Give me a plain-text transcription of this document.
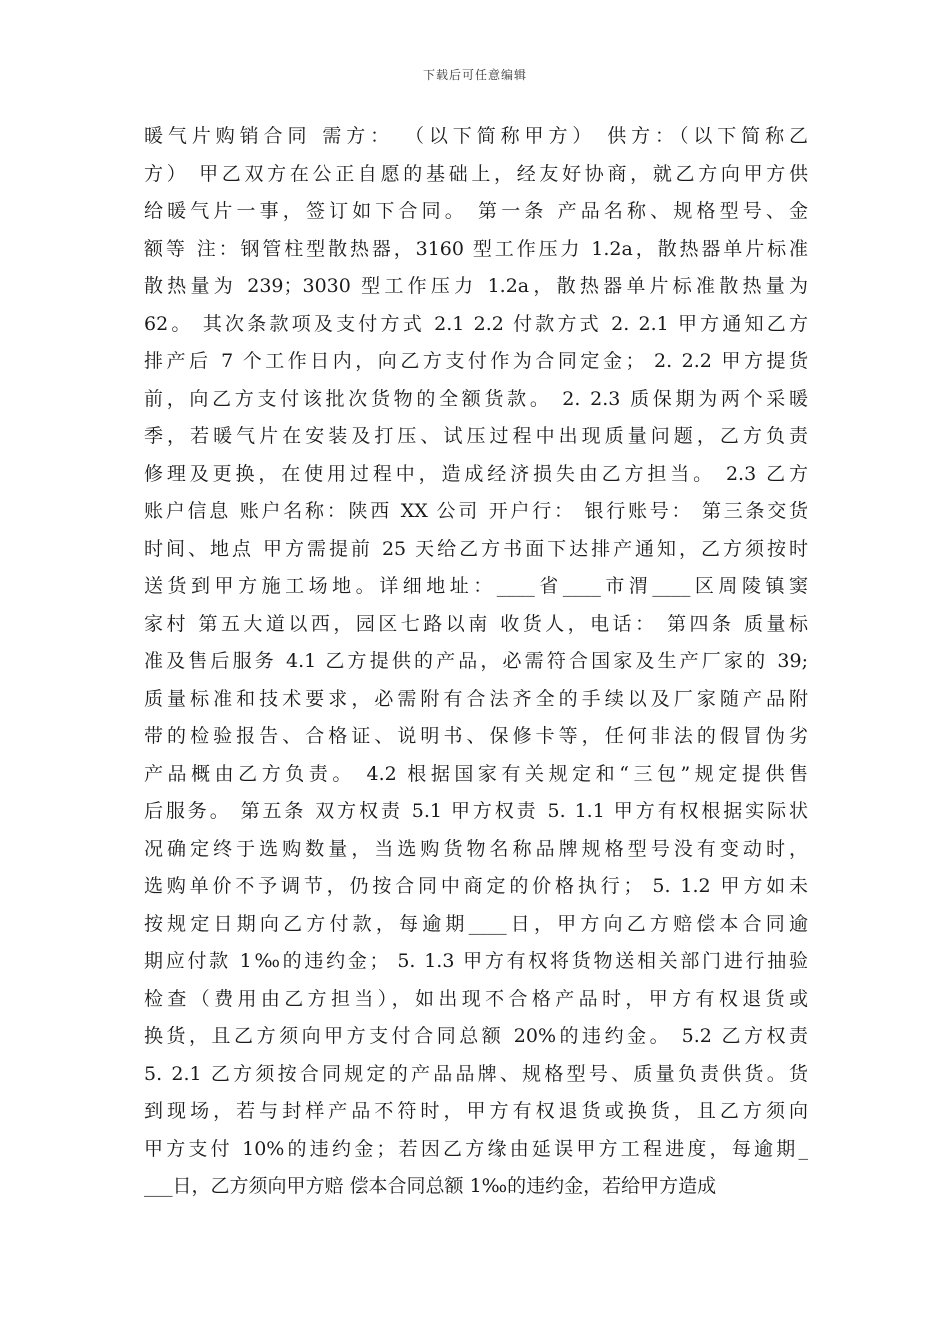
下载后可任意编辑
暖气片购销合同 需方： （以下简称甲方） 供方：（以下简称乙
方） 甲乙双方在公正自愿的基础上，经友好协商，就乙方向甲方供
给暖气片一事，签订如下合同。 第一条 产品名称、规格型号、金
额等 注：钢管柱型散热器，3160 型工作压力 1.2a，散热器单片标准
散热量为 239；3030 型工作压力 1.2a，散热器单片标准散热量为
62。 其次条款项及支付方式 2.1 2.2 付款方式 2. 2.1 甲方通知乙方
排产后 7 个工作日内，向乙方支付作为合同定金； 2. 2.2 甲方提货
前，向乙方支付该批次货物的全额货款。 2. 2.3 质保期为两个采暖
季，若暖气片在安装及打压、试压过程中出现质量问题，乙方负责
修理及更换，在使用过程中，造成经济损失由乙方担当。 2.3 乙方
账户信息 账户名称：陕西 XX 公司 开户行： 银行账号： 第三条交货
时间、地点 甲方需提前 25 天给乙方书面下达排产通知，乙方须按时
送货到甲方施工场地。详细地址：____省____市渭____区周陵镇窦
家村 第五大道以西，园区七路以南 收货人，电话： 第四条 质量标
准及售后服务 4.1 乙方提供的产品，必需符合国家及生产厂家的 39;
质量标准和技术要求，必需附有合法齐全的手续以及厂家随产品附
带的检验报告、合格证、说明书、保修卡等，任何非法的假冒伪劣
产品概由乙方负责。 4.2 根据国家有关规定和“三包”规定提供售
后服务。 第五条 双方权责 5.1 甲方权责 5. 1.1 甲方有权根据实际状
况确定终于选购数量，当选购货物名称品牌规格型号没有变动时，
选购单价不予调节，仍按合同中商定的价格执行； 5. 1.2 甲方如未
按规定日期向乙方付款，每逾期____日，甲方向乙方赔偿本合同逾
期应付款 1‰的违约金； 5. 1.3 甲方有权将货物送相关部门进行抽验
检查（费用由乙方担当），如出现不合格产品时，甲方有权退货或
换货，且乙方须向甲方支付合同总额 20%的违约金。 5.2 乙方权责
5. 2.1 乙方须按合同规定的产品品牌、规格型号、质量负责供货。货
到现场，若与封样产品不符时，甲方有权退货或换货，且乙方须向
甲方支付 10%的违约金；若因乙方缘由延误甲方工程进度，每逾期_
___日，乙方须向甲方赔 偿本合同总额 1‰的违约金，若给甲方造成
